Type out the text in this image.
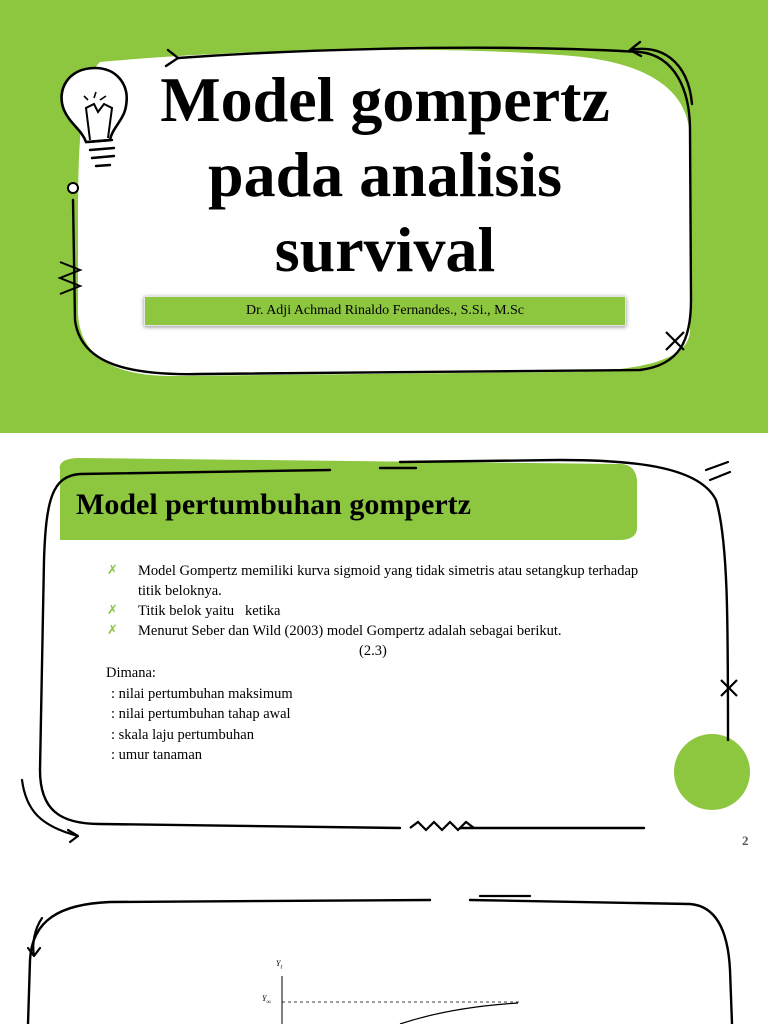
Model gompertz pada analisis survival
Dr. Adji Achmad Rinaldo Fernandes., S.Si., M.Sc
Model pertumbuhan gompertz
✗ Model Gompertz memiliki kurva sigmoid yang tidak simetris atau setangkup terhadap titik beloknya.
✗ Titik belok yaitu   ketika
✗ Menurut Seber dan Wild (2003) model Gompertz adalah sebagai berikut.
(2.3)
Dimana:
: nilai pertumbuhan maksimum
: nilai pertumbuhan tahap awal
: skala laju pertumbuhan
: umur tanaman
2
$Y_t$
$Y_\infty$
